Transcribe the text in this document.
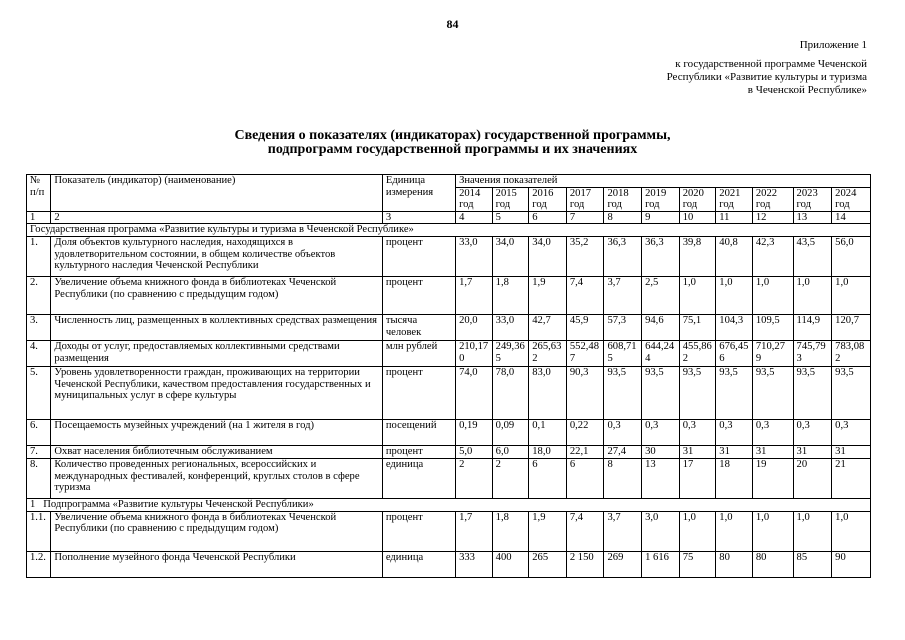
84
Приложение 1
к государственной программе Чеченской
Республики «Развитие культуры и туризма
в Чеченской Республике»
Сведения о показателях (индикаторах) государственной программы,
подпрограмм государственной программы и их значениях
№ п/п	Показатель (индикатор) (наименование)	Единица измерения	Значения показателей										
			2014 год	2015 год	2016 год	2017 год	2018 год	2019 год	2020 год	2021 год	2022 год	2023 год	2024 год
1	2	3	4	5	6	7	8	9	10	11	12	13	14
Государственная программа «Развитие культуры и туризма в Чеченской Республике»													
1.	Доля объектов культурного наследия, находящихся в удовлетворительном состоянии, в общем количестве объектов культурного наследия Чеченской Республики	процент	33,0	34,0	34,0	35,2	36,3	36,3	39,8	40,8	42,3	43,5	56,0
2.	Увеличение объема книжного фонда в библиотеках Чеченской Республики (по сравнению с предыдущим годом)	процент	1,7	1,8	1,9	7,4	3,7	2,5	1,0	1,0	1,0	1,0	1,0
3.	Численность лиц, размещенных в коллективных средствах размещения	тысяча человек	20,0	33,0	42,7	45,9	57,3	94,6	75,1	104,3	109,5	114,9	120,7
4.	Доходы от услуг, предоставляемых коллективными средствами размещения	млн рублей	210,170	249,365	265,632	552,487	608,715	644,244	455,862	676,456	710,279	745,793	783,082
5.	Уровень удовлетворенности граждан, проживающих на территории Чеченской Республики, качеством предоставления государственных и муниципальных услуг в сфере культуры	процент	74,0	78,0	83,0	90,3	93,5	93,5	93,5	93,5	93,5	93,5	93,5
6.	Посещаемость музейных учреждений (на 1 жителя в год)	посещений	0,19	0,09	0,1	0,22	0,3	0,3	0,3	0,3	0,3	0,3	0,3
7.	Охват населения библиотечным обслуживанием	процент	5,0	6,0	18,0	22,1	27,4	30	31	31	31	31	31
8.	Количество проведенных региональных, всероссийских и международных фестивалей, конференций, круглых столов в сфере туризма	единица	2	2	6	6	8	13	17	18	19	20	21
1   Подпрограмма «Развитие культуры Чеченской Республики»													
1.1.	Увеличение объема книжного фонда в библиотеках Чеченской Республики (по сравнению с предыдущим годом)	процент	1,7	1,8	1,9	7,4	3,7	3,0	1,0	1,0	1,0	1,0	1,0
1.2.	Пополнение музейного фонда Чеченской Республики	единица	333	400	265	2 150	269	1 616	75	80	80	85	90
